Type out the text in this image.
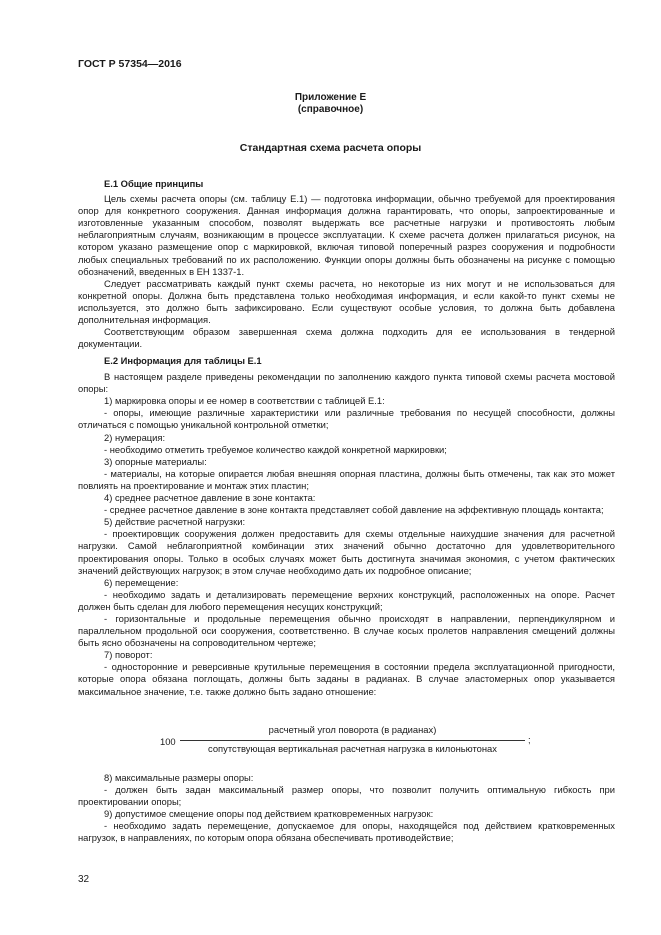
ГОСТ Р 57354—2016
Приложение Е
(справочное)
Стандартная схема расчета опоры
Е.1 Общие принципы

Цель схемы расчета опоры (см. таблицу Е.1) — подготовка информации, обычно требуемой для проектирования опор для конкретного сооружения. Данная информация должна гарантировать, что опоры, запроектированные и изготовленные указанным способом, позволят выдержать все расчетные нагрузки и противостоять любым неблагоприятным случаям, возникающим в процессе эксплуатации. К схеме расчета должен прилагаться рисунок, на котором указано размещение опор с маркировкой, включая типовой поперечный разрез сооружения и подробности любых специальных требований по их расположению. Функции опоры должны быть обозначены на рисунке с помощью обозначений, введенных в ЕН 1337-1.

Следует рассматривать каждый пункт схемы расчета, но некоторые из них могут и не использоваться для конкретной опоры. Должна быть представлена только необходимая информация, и если какой-то пункт схемы не используется, это должно быть зафиксировано. Если существуют особые условия, то должна быть добавлена дополнительная информация.

Соответствующим образом завершенная схема должна подходить для ее использования в тендерной документации.

Е.2 Информация для таблицы Е.1

В настоящем разделе приведены рекомендации по заполнению каждого пункта типовой схемы расчета мостовой опоры:

1) маркировка опоры и ее номер в соответствии с таблицей Е.1:

- опоры, имеющие различные характеристики или различные требования по несущей способности, должны отличаться с помощью уникальной контрольной отметки;

2) нумерация:

- необходимо отметить требуемое количество каждой конкретной маркировки;

3) опорные материалы:

- материалы, на которые опирается любая внешняя опорная пластина, должны быть отмечены, так как это может повлиять на проектирование и монтаж этих пластин;

4) среднее расчетное давление в зоне контакта:

- среднее расчетное давление в зоне контакта представляет собой давление на эффективную площадь контакта;

5) действие расчетной нагрузки:

- проектировщик сооружения должен предоставить для схемы отдельные наихудшие значения для расчетной нагрузки. Самой неблагоприятной комбинации этих значений обычно достаточно для удовлетворительного проектирования опоры. Только в особых случаях может быть достигнута значимая экономия, с учетом фактических значений действующих нагрузок; в этом случае необходимо дать их подробное описание;

6) перемещение:

- необходимо задать и детализировать перемещение верхних конструкций, расположенных на опоре. Расчет должен быть сделан для любого перемещения несущих конструкций;

- горизонтальные и продольные перемещения обычно происходят в направлении, перпендикулярном и параллельном продольной оси сооружения, соответственно. В случае косых пролетов направления смещений должны быть ясно обозначены на сопроводительном чертеже;

7) поворот:

- односторонние и реверсивные крутильные перемещения в состоянии предела эксплуатационной пригодности, которые опора обязана поглощать, должны быть заданы в радианах. В случае эластомерных опор указывается максимальное значение, т.е. также должно быть задано отношение:

100
расчетный угол поворота (в радианах)
сопутствующая вертикальная расчетная нагрузка в килоньютонах
;

8) максимальные размеры опоры:

- должен быть задан максимальный размер опоры, что позволит получить оптимальную гибкость при проектировании опоры;

9) допустимое смещение опоры под действием кратковременных нагрузок:

- необходимо задать перемещение, допускаемое для опоры, находящейся под действием кратковременных нагрузок, в направлениях, по которым опора обязана обеспечивать противодействие;

32
